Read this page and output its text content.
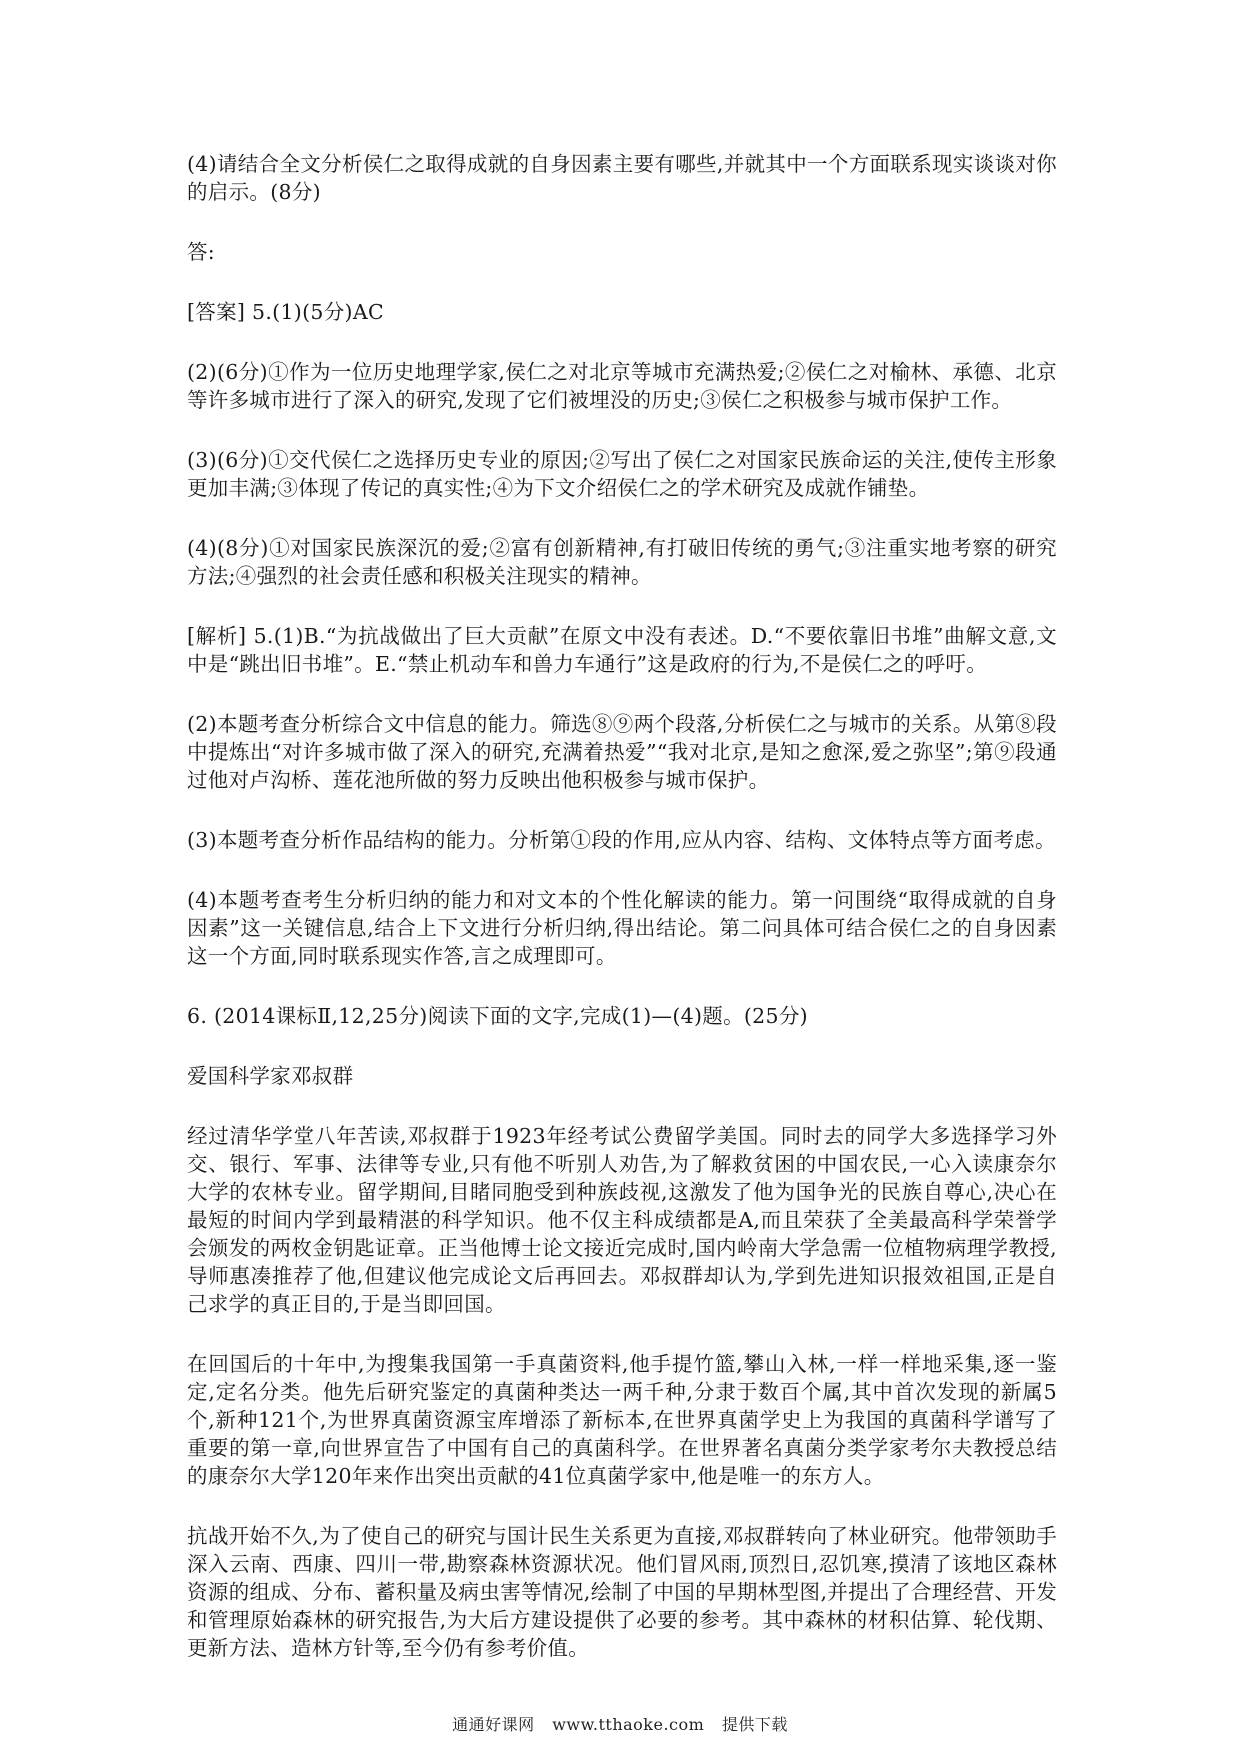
(4)请结合全文分析侯仁之取得成就的自身因素主要有哪些,并就其中一个方面联系现实谈谈对你的启示。(8分)

答:

[答案] 5.(1)(5分)AC

(2)(6分)①作为一位历史地理学家,侯仁之对北京等城市充满热爱;②侯仁之对榆林、承德、北京等许多城市进行了深入的研究,发现了它们被埋没的历史;③侯仁之积极参与城市保护工作。

(3)(6分)①交代侯仁之选择历史专业的原因;②写出了侯仁之对国家民族命运的关注,使传主形象更加丰满;③体现了传记的真实性;④为下文介绍侯仁之的学术研究及成就作铺垫。

(4)(8分)①对国家民族深沉的爱;②富有创新精神,有打破旧传统的勇气;③注重实地考察的研究方法;④强烈的社会责任感和积极关注现实的精神。

[解析] 5.(1)B.“为抗战做出了巨大贡献”在原文中没有表述。D.“不要依靠旧书堆”曲解文意,文中是“跳出旧书堆”。E.“禁止机动车和兽力车通行”这是政府的行为,不是侯仁之的呼吁。

(2)本题考查分析综合文中信息的能力。筛选⑧⑨两个段落,分析侯仁之与城市的关系。从第⑧段中提炼出“对许多城市做了深入的研究,充满着热爱”“我对北京,是知之愈深,爱之弥坚”;第⑨段通过他对卢沟桥、莲花池所做的努力反映出他积极参与城市保护。

(3)本题考查分析作品结构的能力。分析第①段的作用,应从内容、结构、文体特点等方面考虑。

(4)本题考查考生分析归纳的能力和对文本的个性化解读的能力。第一问围绕“取得成就的自身因素”这一关键信息,结合上下文进行分析归纳,得出结论。第二问具体可结合侯仁之的自身因素这一个方面,同时联系现实作答,言之成理即可。

6. (2014课标Ⅱ,12,25分)阅读下面的文字,完成(1)—(4)题。(25分)

爱国科学家邓叔群

经过清华学堂八年苦读,邓叔群于1923年经考试公费留学美国。同时去的同学大多选择学习外交、银行、军事、法律等专业,只有他不听别人劝告,为了解救贫困的中国农民,一心入读康奈尔大学的农林专业。留学期间,目睹同胞受到种族歧视,这激发了他为国争光的民族自尊心,决心在最短的时间内学到最精湛的科学知识。他不仅主科成绩都是A,而且荣获了全美最高科学荣誉学会颁发的两枚金钥匙证章。正当他博士论文接近完成时,国内岭南大学急需一位植物病理学教授,导师惠凑推荐了他,但建议他完成论文后再回去。邓叔群却认为,学到先进知识报效祖国,正是自己求学的真正目的,于是当即回国。

在回国后的十年中,为搜集我国第一手真菌资料,他手提竹篮,攀山入林,一样一样地采集,逐一鉴定,定名分类。他先后研究鉴定的真菌种类达一两千种,分隶于数百个属,其中首次发现的新属5个,新种121个,为世界真菌资源宝库增添了新标本,在世界真菌学史上为我国的真菌科学谱写了重要的第一章,向世界宣告了中国有自己的真菌科学。在世界著名真菌分类学家考尔夫教授总结的康奈尔大学120年来作出突出贡献的41位真菌学家中,他是唯一的东方人。

抗战开始不久,为了使自己的研究与国计民生关系更为直接,邓叔群转向了林业研究。他带领助手深入云南、西康、四川一带,勘察森林资源状况。他们冒风雨,顶烈日,忍饥寒,摸清了该地区森林资源的组成、分布、蓄积量及病虫害等情况,绘制了中国的早期林型图,并提出了合理经营、开发和管理原始森林的研究报告,为大后方建设提供了必要的参考。其中森林的材积估算、轮伐期、更新方法、造林方针等,至今仍有参考价值。

通通好课网 www.tthaoke.com 提供下载
